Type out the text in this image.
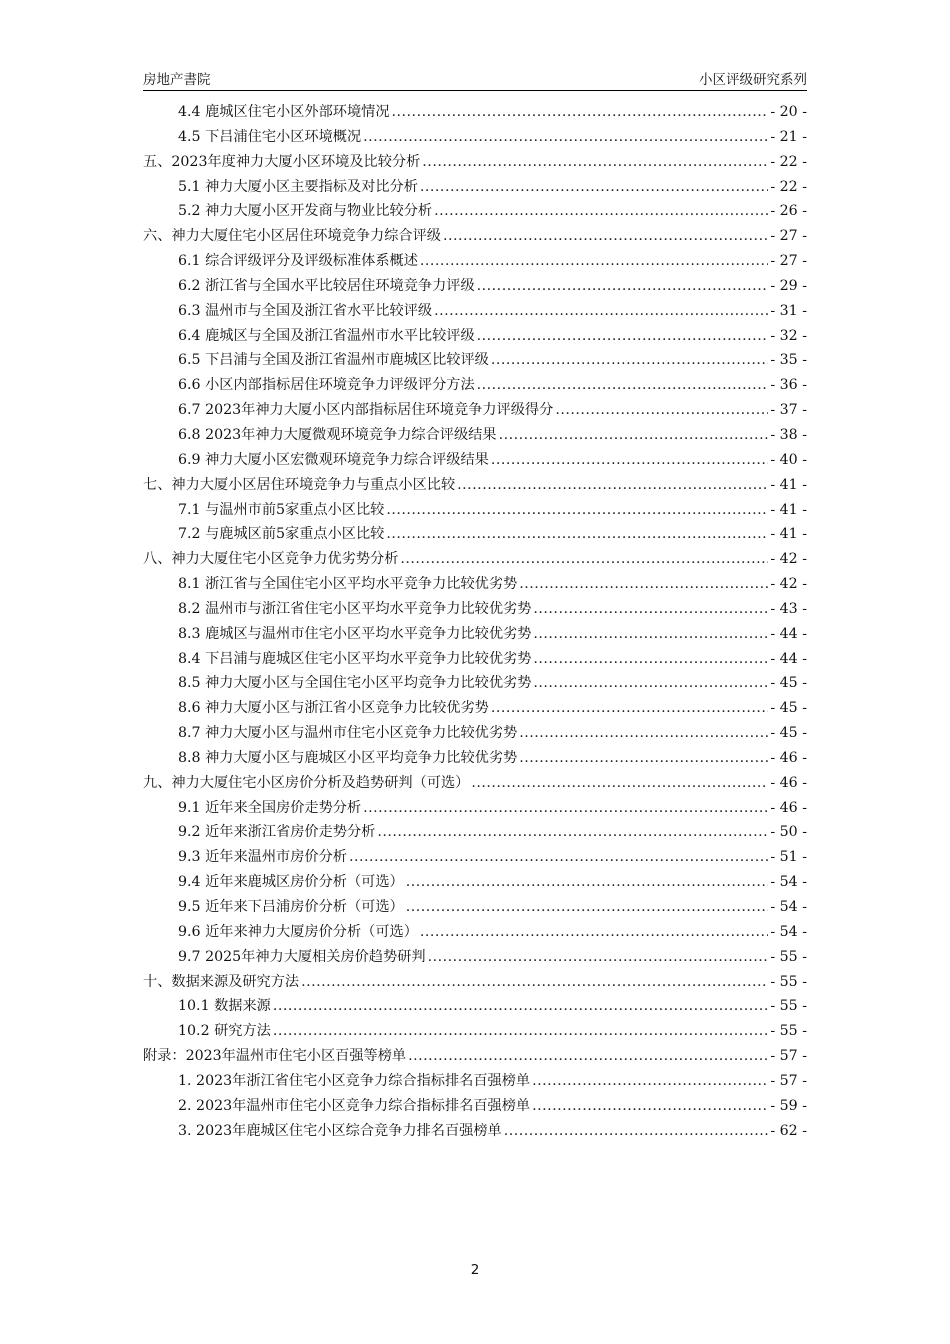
房地产書院	小区评级研究系列
4.4 鹿城区住宅小区外部环境情况 .....	- 20 -
4.5 下吕浦住宅小区环境概况 .....	- 21 -
五、2023年度神力大厦小区环境及比较分析 .....	- 22 -
5.1 神力大厦小区主要指标及对比分析 .....	- 22 -
5.2 神力大厦小区开发商与物业比较分析 .....	- 26 -
六、神力大厦住宅小区居住环境竞争力综合评级 .....	- 27 -
6.1 综合评级评分及评级标准体系概述 .....	- 27 -
6.2 浙江省与全国水平比较居住环境竞争力评级 .....	- 29 -
6.3 温州市与全国及浙江省水平比较评级 .....	- 31 -
6.4 鹿城区与全国及浙江省温州市水平比较评级 .....	- 32 -
6.5 下吕浦与全国及浙江省温州市鹿城区比较评级 .....	- 35 -
6.6 小区内部指标居住环境竞争力评级评分方法 .....	- 36 -
6.7 2023年神力大厦小区内部指标居住环境竞争力评级得分 .....	- 37 -
6.8 2023年神力大厦微观环境竞争力综合评级结果 .....	- 38 -
6.9 神力大厦小区宏微观环境竞争力综合评级结果 .....	- 40 -
七、神力大厦小区居住环境竞争力与重点小区比较 .....	- 41 -
7.1 与温州市前5家重点小区比较 .....	- 41 -
7.2 与鹿城区前5家重点小区比较 .....	- 41 -
八、神力大厦住宅小区竞争力优劣势分析 .....	- 42 -
8.1 浙江省与全国住宅小区平均水平竞争力比较优劣势 .....	- 42 -
8.2 温州市与浙江省住宅小区平均水平竞争力比较优劣势 .....	- 43 -
8.3 鹿城区与温州市住宅小区平均水平竞争力比较优劣势 .....	- 44 -
8.4 下吕浦与鹿城区住宅小区平均水平竞争力比较优劣势 .....	- 44 -
8.5 神力大厦小区与全国住宅小区平均竞争力比较优劣势 .....	- 45 -
8.6 神力大厦小区与浙江省小区竞争力比较优劣势 .....	- 45 -
8.7 神力大厦小区与温州市住宅小区竞争力比较优劣势 .....	- 45 -
8.8 神力大厦小区与鹿城区小区平均竞争力比较优劣势 .....	- 46 -
九、神力大厦住宅小区房价分析及趋势研判（可选） .....	- 46 -
9.1 近年来全国房价走势分析 .....	- 46 -
9.2 近年来浙江省房价走势分析 .....	- 50 -
9.3 近年来温州市房价分析 .....	- 51 -
9.4 近年来鹿城区房价分析（可选） .....	- 54 -
9.5 近年来下吕浦房价分析（可选） .....	- 54 -
9.6 近年来神力大厦房价分析（可选） .....	- 54 -
9.7 2025年神力大厦相关房价趋势研判 .....	- 55 -
十、数据来源及研究方法 .....	- 55 -
10.1 数据来源 .....	- 55 -
10.2 研究方法 .....	- 55 -
附录：2023年温州市住宅小区百强等榜单 .....	- 57 -
1. 2023年浙江省住宅小区竞争力综合指标排名百强榜单 .....	- 57 -
2. 2023年温州市住宅小区竞争力综合指标排名百强榜单 .....	- 59 -
3. 2023年鹿城区住宅小区综合竞争力排名百强榜单 .....	- 62 -
2
